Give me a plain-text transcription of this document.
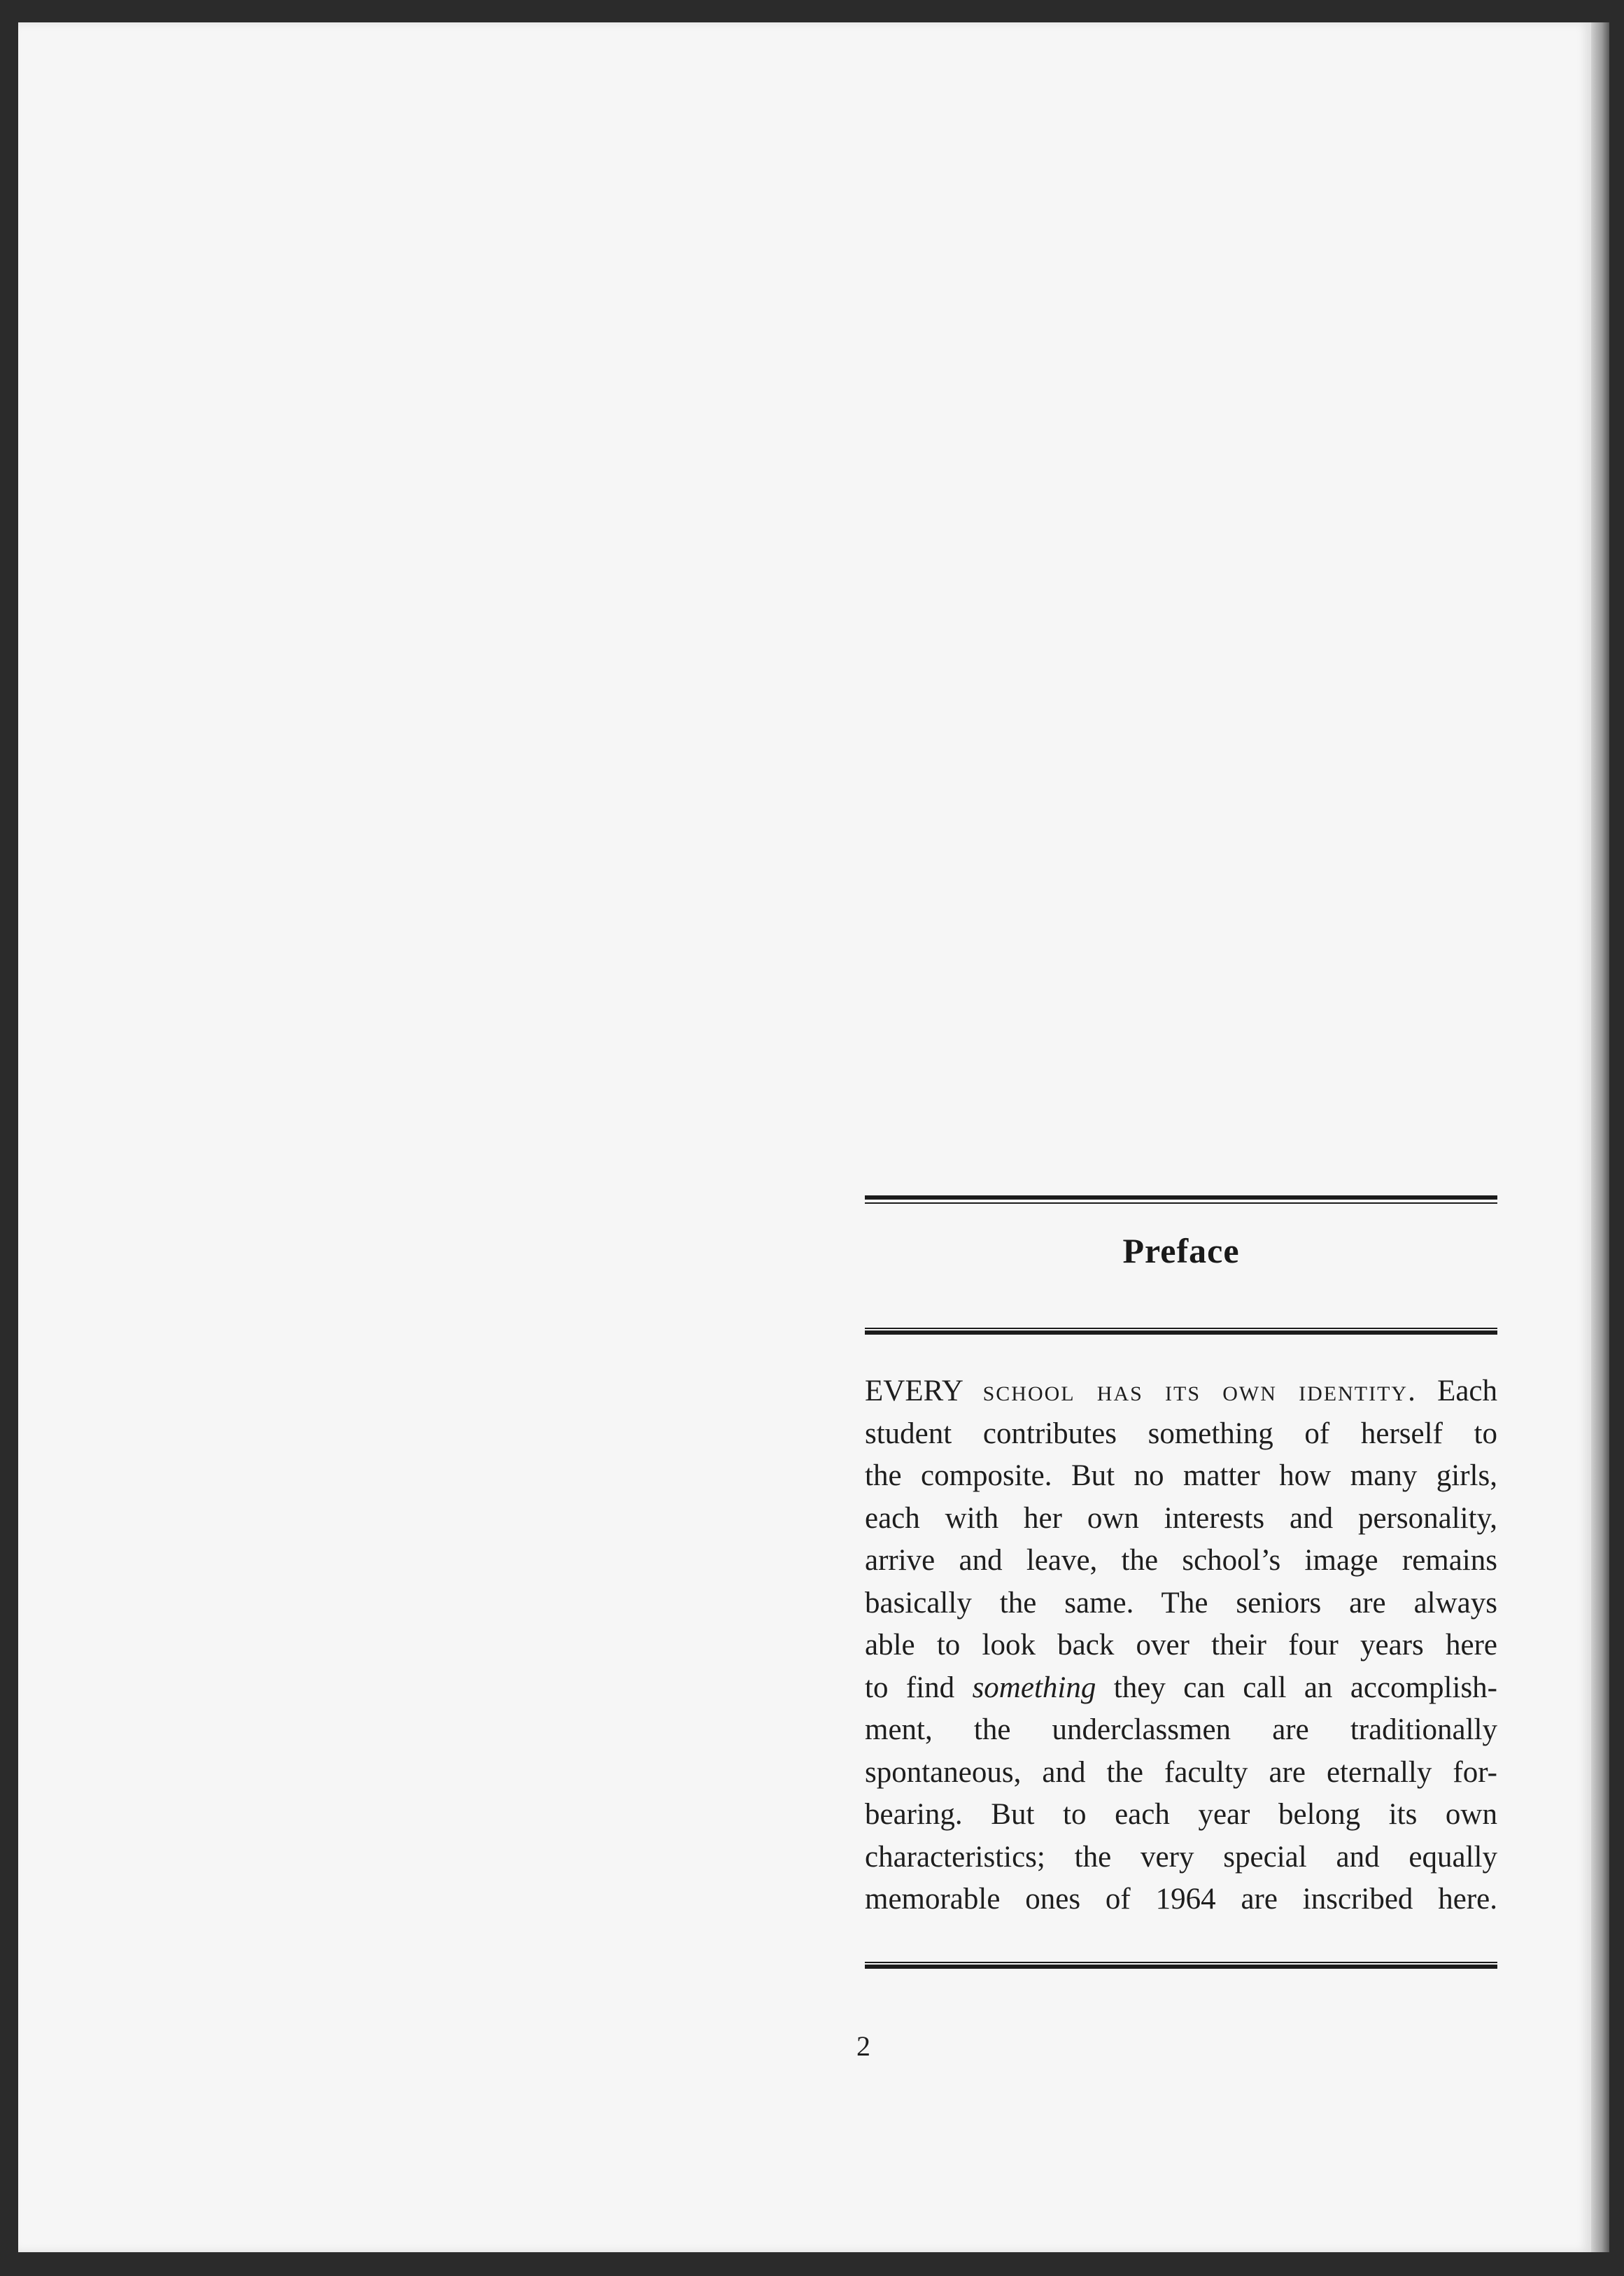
Preface
EVERY school has its own identity. Each
student contributes something of herself to
the composite. But no matter how many girls,
each with her own interests and personality,
arrive and leave, the school’s image remains
basically the same. The seniors are always
able to look back over their four years here
to find something they can call an accomplish-
ment, the underclassmen are traditionally
spontaneous, and the faculty are eternally for-
bearing. But to each year belong its own
characteristics; the very special and equally
memorable ones of 1964 are inscribed here.
2
